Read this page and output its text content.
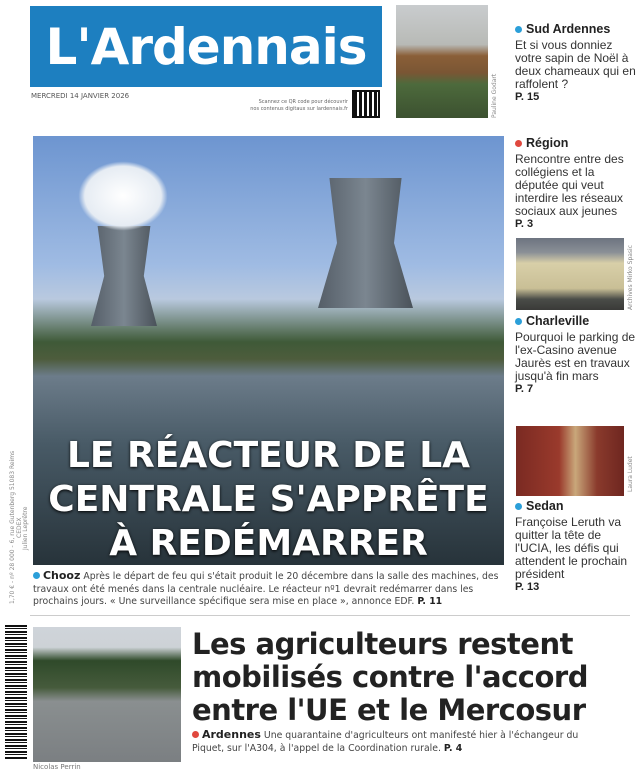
L'Ardennais
MERCREDI 14 JANVIER 2026
Scannez ce QR code pour découvrir nos contenus digitaux sur lardennais.fr	Pauline Godart
Sud Ardennes

Et si vous donniez votre sapin de Noël à deux chameaux qui en raffolent ?

P. 15

Région

Rencontre entre des collégiens et la députée qui veut interdire les réseaux sociaux aux jeunes

P. 3

Archives Mirko Spasic
Charleville

Pourquoi le parking de l'ex-Casino avenue Jaurès est en travaux jusqu'à fin mars

P. 7

Laura Ludet
Sedan

Françoise Leruth va quitter la tête de l'UCIA, les défis qui attendent le prochain président

P. 13

LE RÉACTEUR DE LA CENTRALE S'APPRÊTE À REDÉMARRER
Julien Leprêtre
Chooz Après le départ de feu qui s'était produit le 20 décembre dans la salle des machines, des travaux ont été menés dans la centrale nucléaire. Le réacteur nº1 devrait redémarrer dans les prochains jours. « Une surveillance spécifique sera mise en place », annonce EDF. P. 11
Nicolas Perrin
Les agriculteurs restent mobilisés contre l'accord entre l'UE et le Mercosur
Ardennes Une quarantaine d'agriculteurs ont manifesté hier à l'échangeur du Piquet, sur l'A304, à l'appel de la Coordination rurale. P. 4
1,70 € - nº 28 000 - 6, rue Gutenberg 51083 Reims CEDEX
